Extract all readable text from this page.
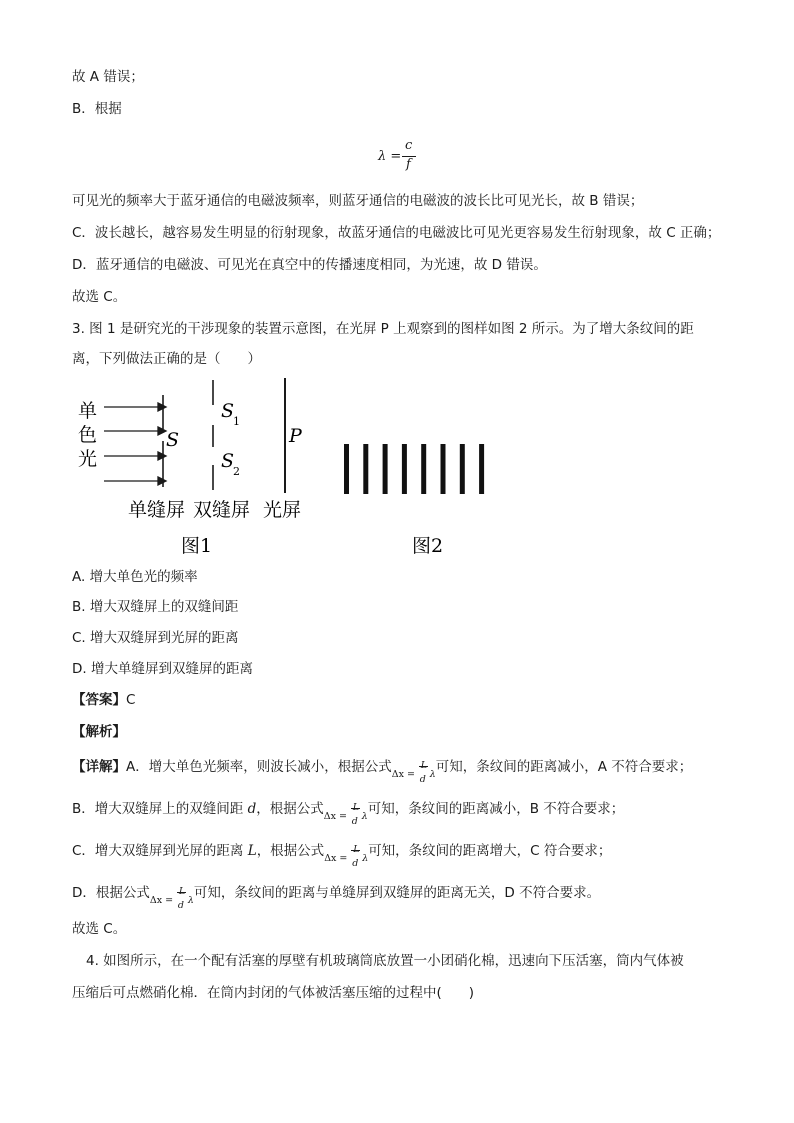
故 A 错误；
B．根据
λ =
c
f
可见光的频率大于蓝牙通信的电磁波频率，则蓝牙通信的电磁波的波长比可见光长，故 B 错误；
C．波长越长，越容易发生明显的衍射现象，故蓝牙通信的电磁波比可见光更容易发生衍射现象，故 C 正确；
D．蓝牙通信的电磁波、可见光在真空中的传播速度相同，为光速，故 D 错误。
故选 C。
3. 图 1 是研究光的干涉现象的装置示意图，在光屏 P 上观察到的图样如图 2 所示。为了增大条纹间的距
离，下列做法正确的是（　　）
单
色
光
S
S
1
S
2
P
单缝屏 双缝屏 光屏
图1	图2
A. 增大单色光的频率
B. 增大双缝屏上的双缝间距
C. 增大双缝屏到光屏的距离
D. 增大单缝屏到双缝屏的距离
【答案】C
【解析】
【详解】A．增大单色光频率，则波长减小，根据公式 Δx =
L
d λ 可知，条纹间的距离减小，A 不符合要求；
B．增大双缝屏上的双缝间距 d，根据公式 Δx =
L
d λ 可知，条纹间的距离减小，B 不符合要求；
C．增大双缝屏到光屏的距离 L，根据公式 Δx =
L
d λ 可知，条纹间的距离增大，C 符合要求；
D．根据公式 Δx =
L
d λ 可知，条纹间的距离与单缝屏到双缝屏的距离无关，D 不符合要求。
故选 C。
4. 如图所示，在一个配有活塞的厚壁有机玻璃筒底放置一小团硝化棉，迅速向下压活塞，筒内气体被
压缩后可点燃硝化棉．在筒内封闭的气体被活塞压缩的过程中(　　)
